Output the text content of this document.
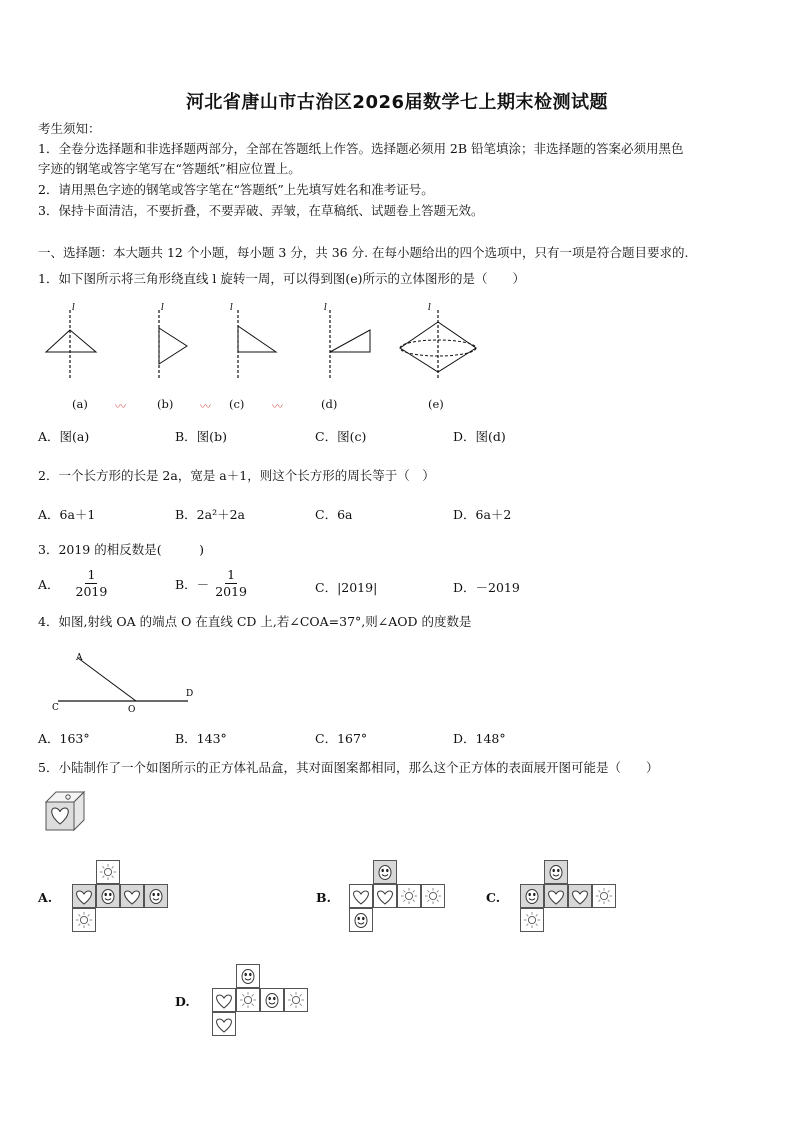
河北省唐山市古治区2026届数学七上期末检测试题
考生须知：
1．全卷分选择题和非选择题两部分，全部在答题纸上作答。选择题必须用 2B 铅笔填涂；非选择题的答案必须用黑色
字迹的钢笔或答字笔写在“答题纸”相应位置上。
2．请用黑色字迹的钢笔或答字笔在“答题纸”上先填写姓名和准考证号。
3．保持卡面清洁，不要折叠，不要弄破、弄皱，在草稿纸、试题卷上答题无效。
一、选择题：本大题共 12 个小题，每小题 3 分，共 36 分. 在每小题给出的四个选项中，只有一项是符合题目要求的.
1．如下图所示将三角形绕直线 l 旋转一周，可以得到图(e)所示的立体图形的是（　　）
l	l	l	l	l
(a) 〰	(b) 〰 (c)	〰	(d)	(e)
A．图(a)	B．图(b)	C．图(c)	D．图(d)
2．一个长方形的长是 2a，宽是 a＋1，则这个长方形的周长等于（　）
A．6a＋1	B．2a²＋2a	C．6a	D．6a＋2
3．2019 的相反数是(　　　)
A． $\frac{1}{2019}$	B．－ $\frac{1}{2019}$	C．|2019|	D．－2019
4．如图,射线 OA 的端点 O 在直线 CD 上,若∠COA=37°,则∠AOD 的度数是
A
C	O
D
A．163°	B．143°	C．167°	D．148°
5．小陆制作了一个如图所示的正方体礼品盒，其对面图案都相同，那么这个正方体的表面展开图可能是（　　）
A.	B.	C.
D.
